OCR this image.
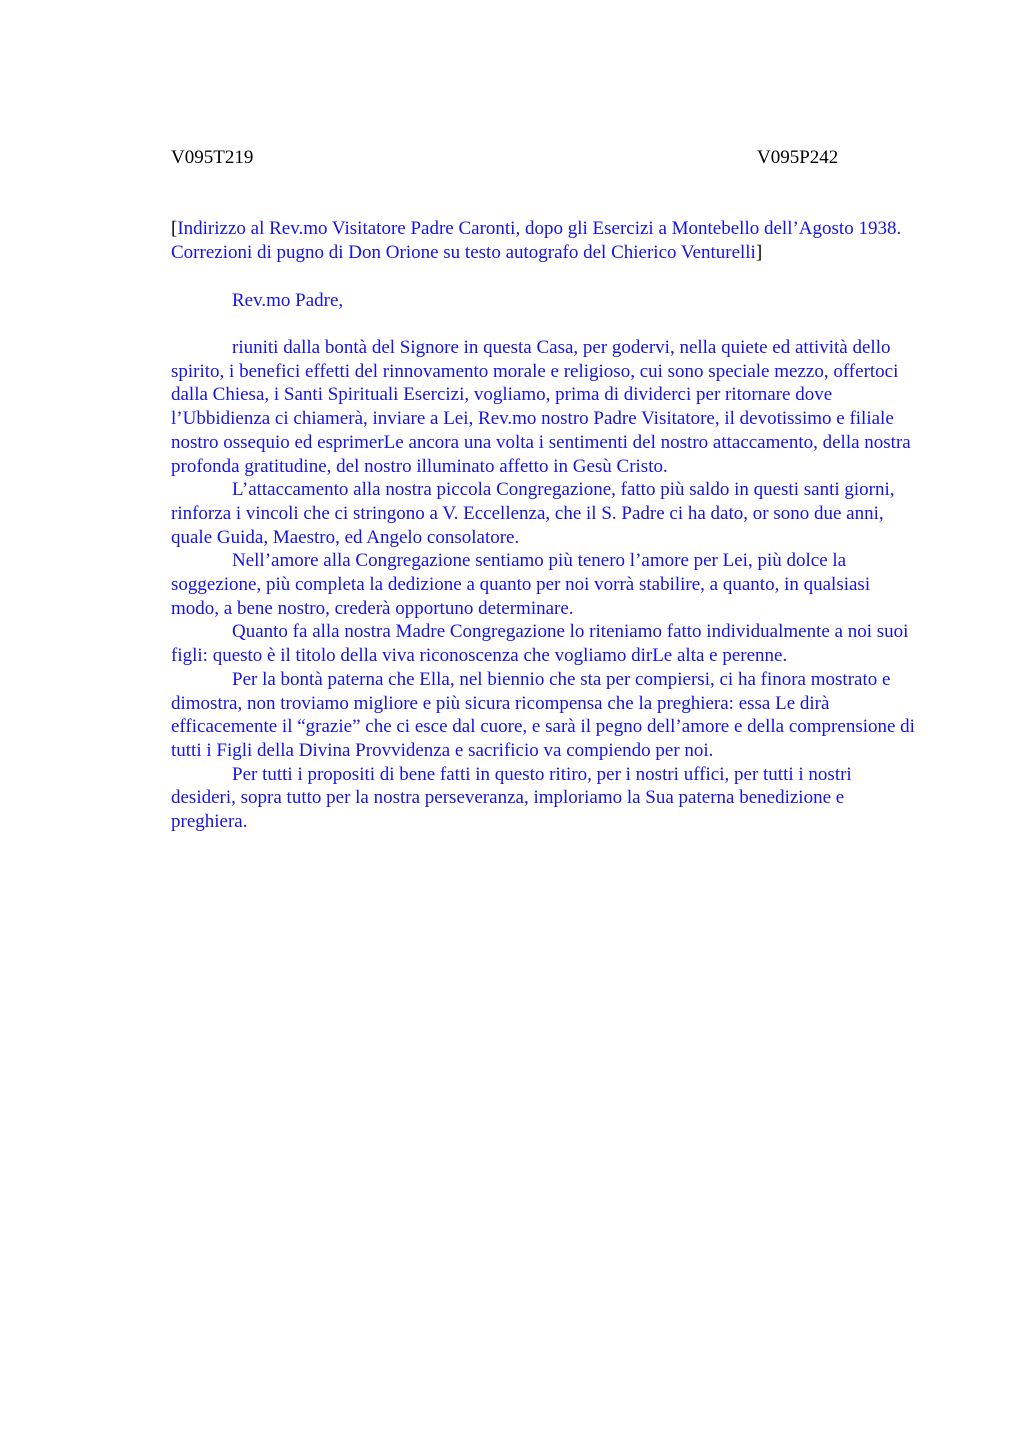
V095T219	V095P242
[Indirizzo al Rev.mo Visitatore Padre Caronti, dopo gli Esercizi a Montebello dell’Agosto 1938. Correzioni di pugno di Don Orione su testo autografo del Chierico Venturelli]
Rev.mo Padre,

riuniti dalla bontà del Signore in questa Casa, per godervi, nella quiete ed attività dello spirito, i benefici effetti del rinnovamento morale e religioso, cui sono speciale mezzo, offertoci dalla Chiesa, i Santi Spirituali Esercizi, vogliamo, prima di dividerci per ritornare dove l’Ubbidienza ci chiamerà, inviare a Lei, Rev.mo nostro Padre Visitatore, il devotissimo e filiale nostro ossequio ed esprimerLe ancora una volta i sentimenti del nostro attaccamento, della nostra profonda gratitudine, del nostro illuminato affetto in Gesù Cristo.

L’attaccamento alla nostra piccola Congregazione, fatto più saldo in questi santi giorni, rinforza i vincoli che ci stringono a V. Eccellenza, che il S. Padre ci ha dato, or sono due anni, quale Guida, Maestro, ed Angelo consolatore.

Nell’amore alla Congregazione sentiamo più tenero l’amore per Lei, più dolce la soggezione, più completa la dedizione a quanto per noi vorrà stabilire, a quanto, in qualsiasi modo, a bene nostro, crederà opportuno determinare.

Quanto fa alla nostra Madre Congregazione lo riteniamo fatto individualmente a noi suoi figli: questo è il titolo della viva riconoscenza che vogliamo dirLe alta e perenne.

Per la bontà paterna che Ella, nel biennio che sta per compiersi, ci ha finora mostrato e dimostra, non troviamo migliore e più sicura ricompensa che la preghiera: essa Le dirà efficacemente il “grazie” che ci esce dal cuore, e sarà il pegno dell’amore e della comprensione di tutti i Figli della Divina Provvidenza e sacrificio va compiendo per noi.

Per tutti i propositi di bene fatti in questo ritiro, per i nostri uffici, per tutti i nostri desideri, sopra tutto per la nostra perseveranza, imploriamo la Sua paterna benedizione e preghiera.
